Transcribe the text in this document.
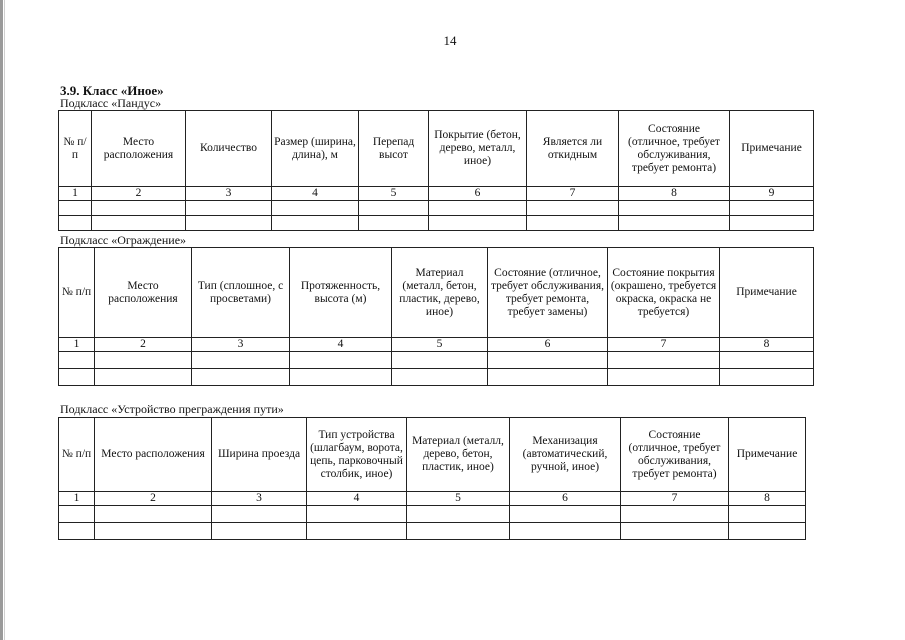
14
3.9. Класс «Иное»
Подкласс «Пандус»
№ п/п	Место расположения	Количество	Размер (ширина, длина), м	Перепад высот	Покрытие (бетон, дерево, металл, иное)	Является ли откидным	Состояние (отличное, требует обслуживания, требует ремонта)	Примечание
1	2	3	4	5	6	7	8	9

Подкласс «Ограждение»
№ п/п	Место расположения	Тип (сплошное, с просветами)	Протяженность, высота (м)	Материал (металл, бетон, пластик, дерево, иное)	Состояние (отличное, требует обслуживания, требует ремонта, требует замены)	Состояние покрытия (окрашено, требуется окраска, окраска не требуется)	Примечание
1	2	3	4	5	6	7	8

Подкласс «Устройство преграждения пути»
№ п/п	Место расположения	Ширина проезда	Тип устройства (шлагбаум, ворота, цепь, парковочный столбик, иное)	Материал (металл, дерево, бетон, пластик, иное)	Механизация (автоматический, ручной, иное)	Состояние (отличное, требует обслуживания, требует ремонта)	Примечание
1	2	3	4	5	6	7	8
